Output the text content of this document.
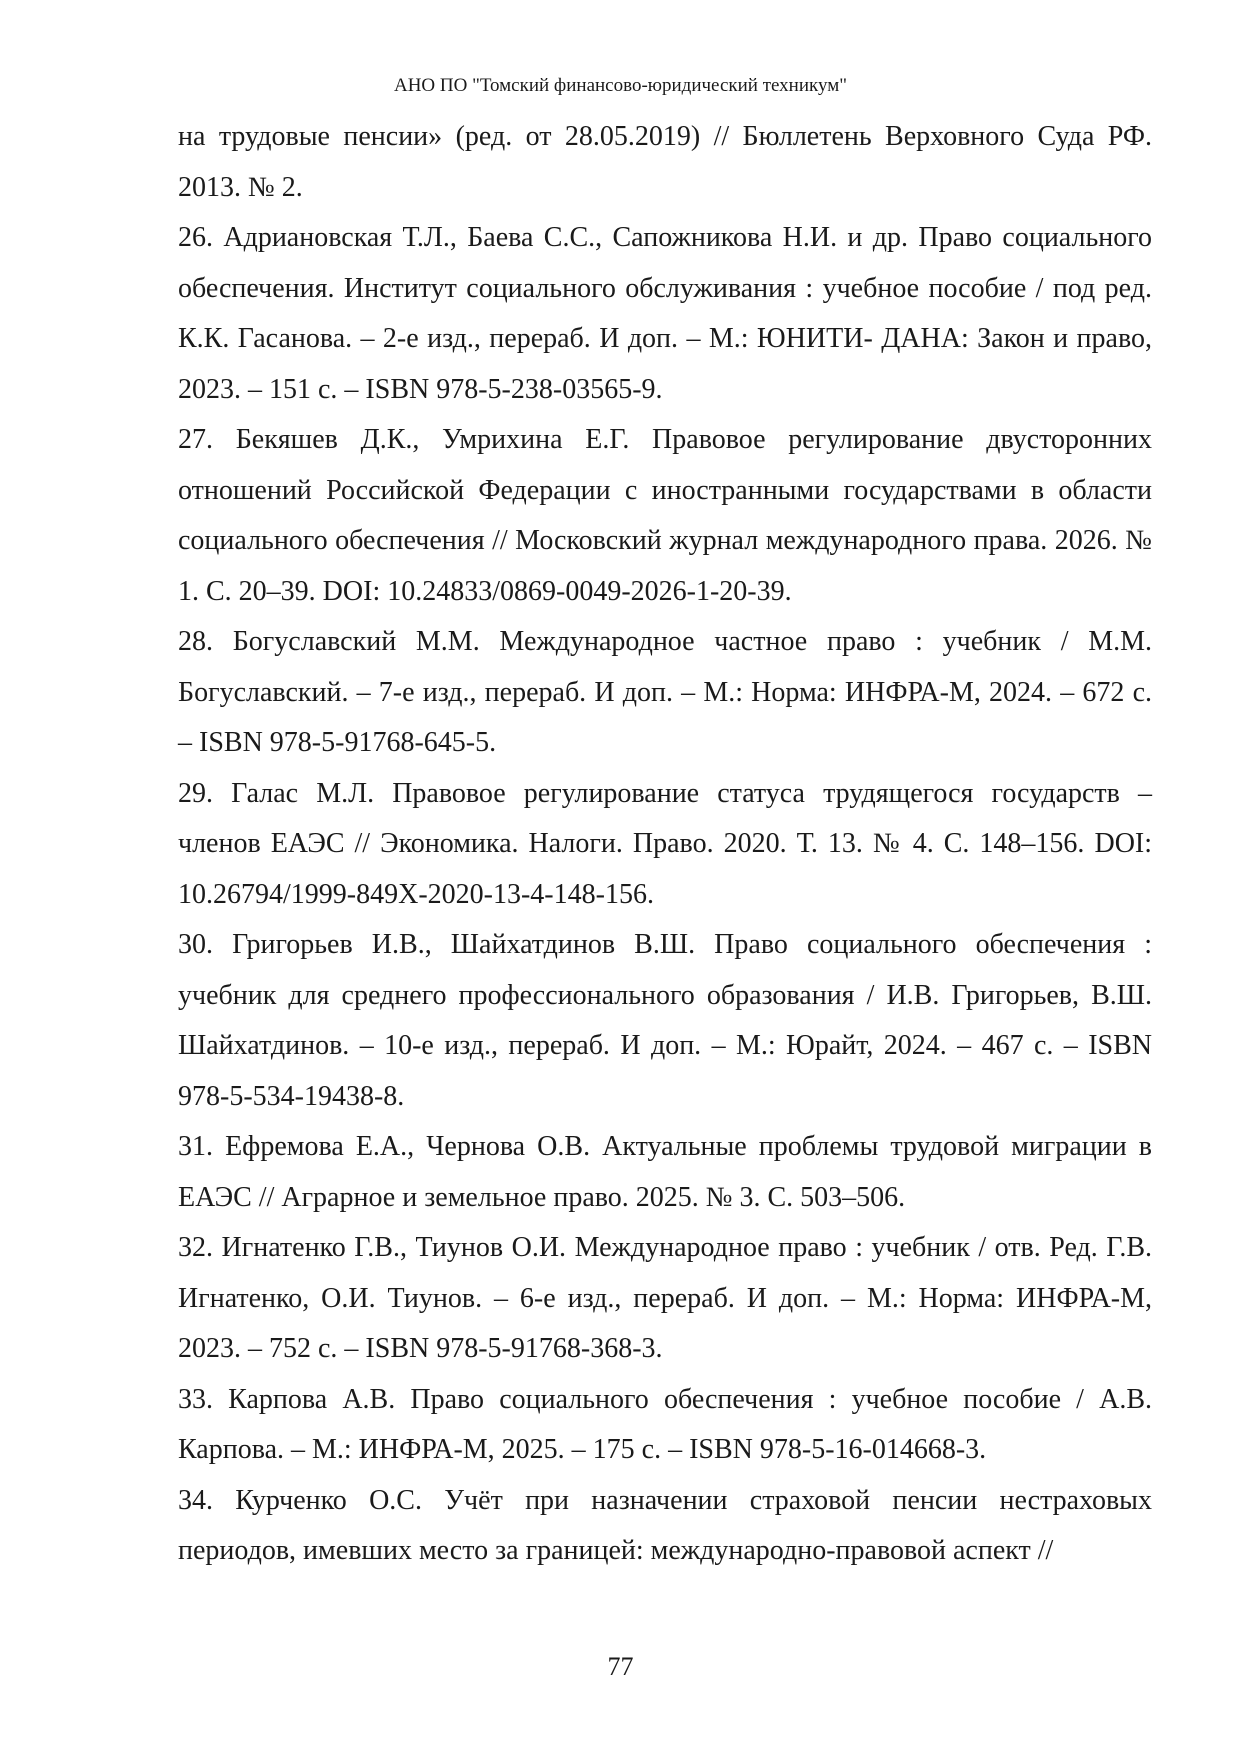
АНО ПО "Томский финансово-юридический техникум"
на трудовые пенсии» (ред. от 28.05.2019) // Бюллетень Верховного Суда РФ. 2013. № 2.
26. Адриановская Т.Л., Баева С.С., Сапожникова Н.И. и др. Право социального обеспечения. Институт социального обслуживания : учебное пособие / под ред. К.К. Гасанова. – 2-е изд., перераб. И доп. – М.: ЮНИТИ- ДАНА: Закон и право, 2023. – 151 с. – ISBN 978-5-238-03565-9.
27. Бекяшев Д.К., Умрихина Е.Г. Правовое регулирование двусторонних отношений Российской Федерации с иностранными государствами в области социального обеспечения // Московский журнал международного права. 2026. № 1. С. 20–39. DOI: 10.24833/0869-0049-2026-1-20-39.
28. Богуславский М.М. Международное частное право : учебник / М.М. Богуславский. – 7-е изд., перераб. И доп. – М.: Норма: ИНФРА-М, 2024. – 672 с. – ISBN 978-5-91768-645-5.
29. Галас М.Л. Правовое регулирование статуса трудящегося государств – членов ЕАЭС // Экономика. Налоги. Право. 2020. Т. 13. № 4. С. 148–156. DOI: 10.26794/1999-849X-2020-13-4-148-156.
30. Григорьев И.В., Шайхатдинов В.Ш. Право социального обеспечения : учебник для среднего профессионального образования / И.В. Григорьев, В.Ш. Шайхатдинов. – 10-е изд., перераб. И доп. – М.: Юрайт, 2024. – 467 с. – ISBN 978-5-534-19438-8.
31. Ефремова Е.А., Чернова О.В. Актуальные проблемы трудовой миграции в ЕАЭС // Аграрное и земельное право. 2025. № 3. С. 503–506.
32. Игнатенко Г.В., Тиунов О.И. Международное право : учебник / отв. Ред. Г.В. Игнатенко, О.И. Тиунов. – 6-е изд., перераб. И доп. – М.: Норма: ИНФРА-М, 2023. – 752 с. – ISBN 978-5-91768-368-3.
33. Карпова А.В. Право социального обеспечения : учебное пособие / А.В. Карпова. – М.: ИНФРА-М, 2025. – 175 с. – ISBN 978-5-16-014668-3.
34. Курченко О.С. Учёт при назначении страховой пенсии нестраховых периодов, имевших место за границей: международно-правовой аспект //
77
